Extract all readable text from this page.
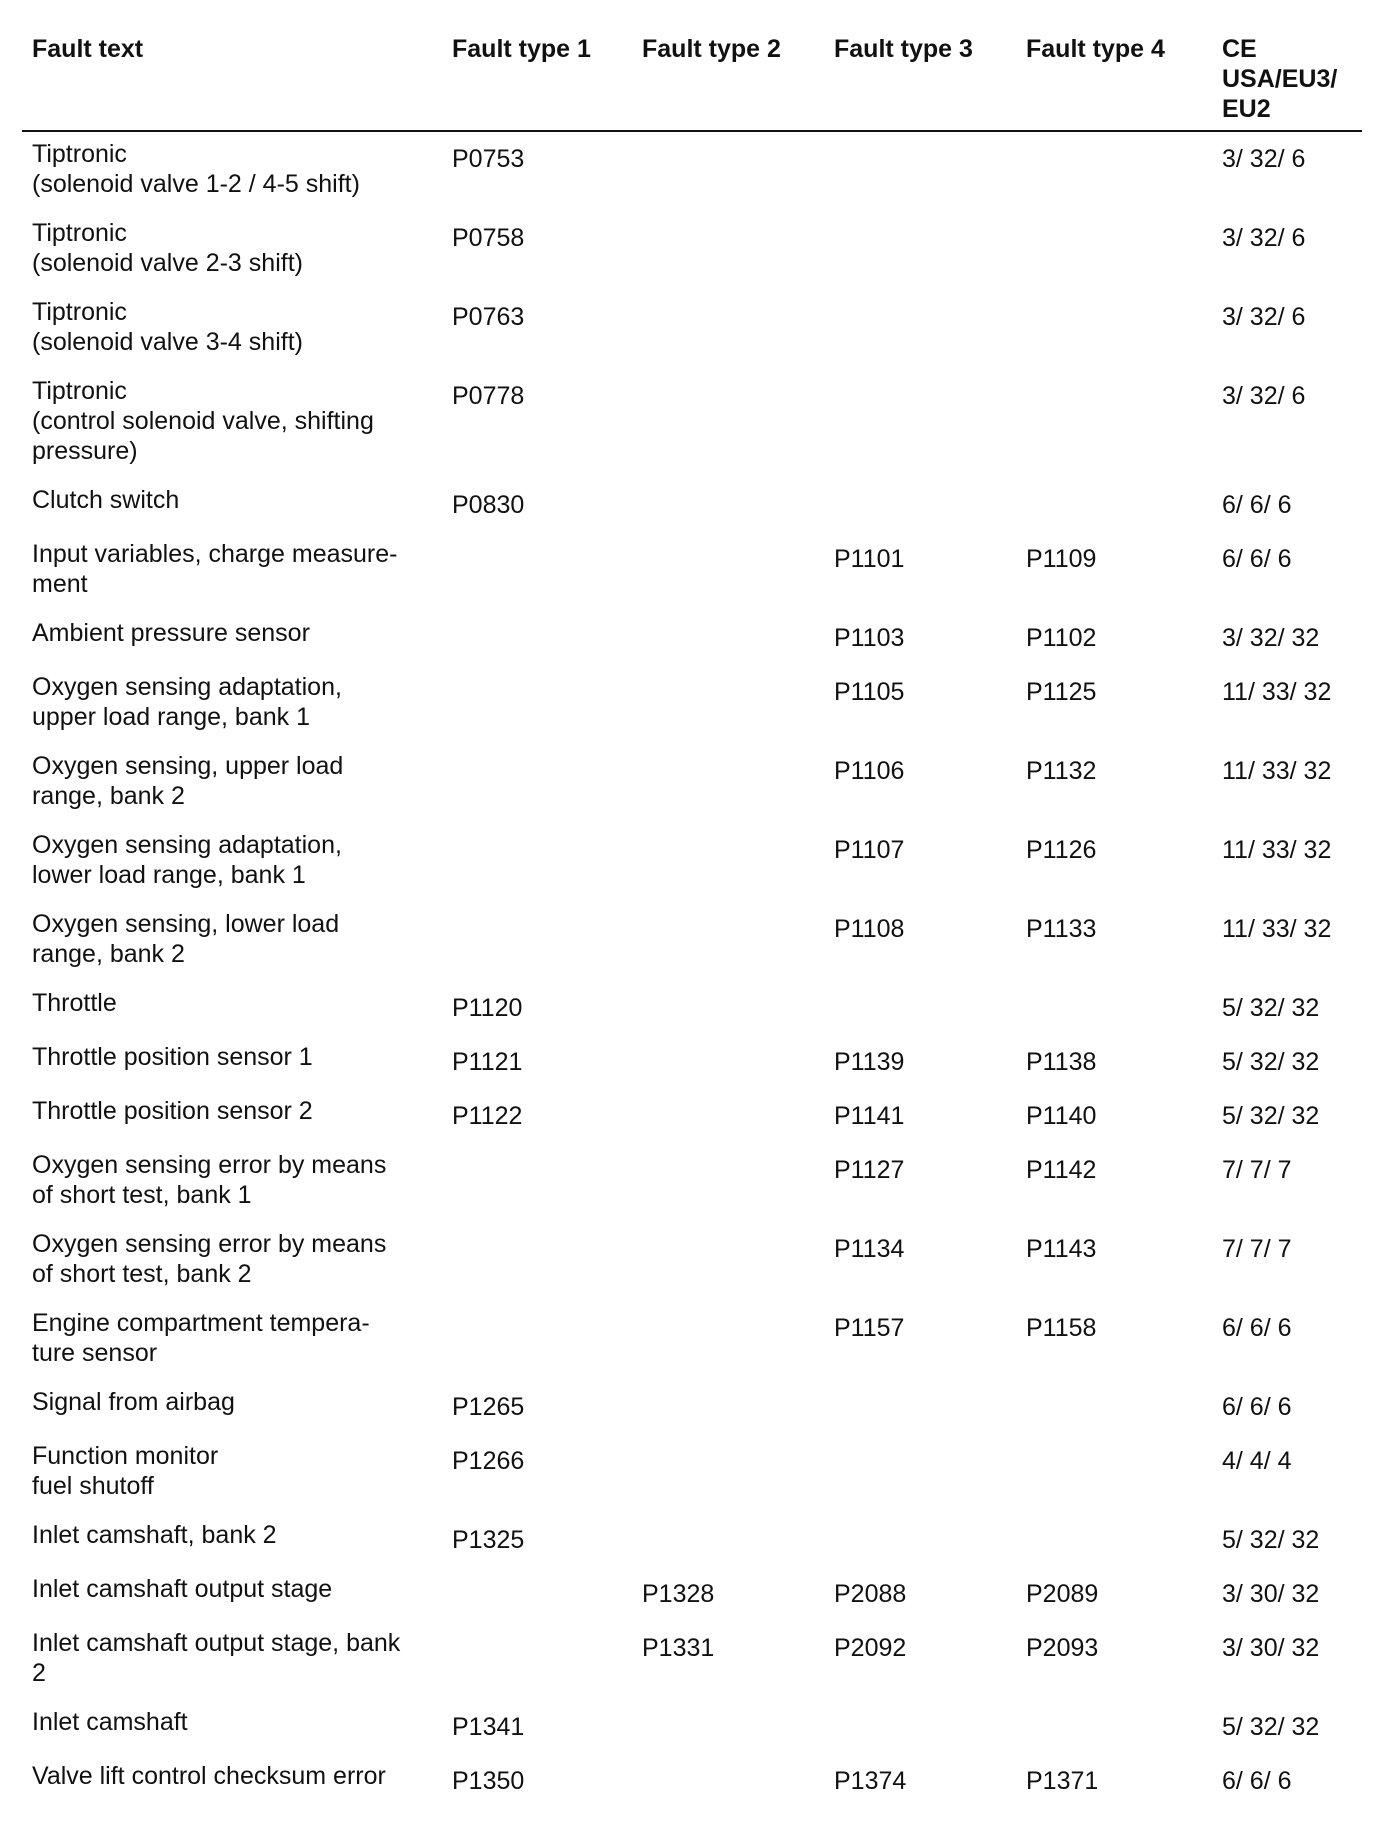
Fault text	Fault type 1	Fault type 2	Fault type 3	Fault type 4	CE
USA/EU3/
EU2
Tiptronic
(solenoid valve 1-2 / 4-5 shift)	P0753				3/ 32/ 6
Tiptronic
(solenoid valve 2-3 shift)	P0758				3/ 32/ 6
Tiptronic
(solenoid valve 3-4 shift)	P0763				3/ 32/ 6
Tiptronic
(control solenoid valve, shifting
pressure)	P0778				3/ 32/ 6
Clutch switch	P0830				6/ 6/ 6
Input variables, charge measure-
ment			P1101	P1109	6/ 6/ 6
Ambient pressure sensor			P1103	P1102	3/ 32/ 32
Oxygen sensing adaptation,
upper load range, bank 1			P1105	P1125	11/ 33/ 32
Oxygen sensing, upper load
range, bank 2			P1106	P1132	11/ 33/ 32
Oxygen sensing adaptation,
lower load range, bank 1			P1107	P1126	11/ 33/ 32
Oxygen sensing, lower load
range, bank 2			P1108	P1133	11/ 33/ 32
Throttle	P1120				5/ 32/ 32
Throttle position sensor 1	P1121		P1139	P1138	5/ 32/ 32
Throttle position sensor 2	P1122		P1141	P1140	5/ 32/ 32
Oxygen sensing error by means
of short test, bank 1			P1127	P1142	7/ 7/ 7
Oxygen sensing error by means
of short test, bank 2			P1134	P1143	7/ 7/ 7
Engine compartment tempera-
ture sensor			P1157	P1158	6/ 6/ 6
Signal from airbag	P1265				6/ 6/ 6
Function monitor
fuel shutoff	P1266				4/ 4/ 4
Inlet camshaft, bank 2	P1325				5/ 32/ 32
Inlet camshaft output stage		P1328	P2088	P2089	3/ 30/ 32
Inlet camshaft output stage, bank
2		P1331	P2092	P2093	3/ 30/ 32
Inlet camshaft	P1341				5/ 32/ 32
Valve lift control checksum error	P1350		P1374	P1371	6/ 6/ 6
